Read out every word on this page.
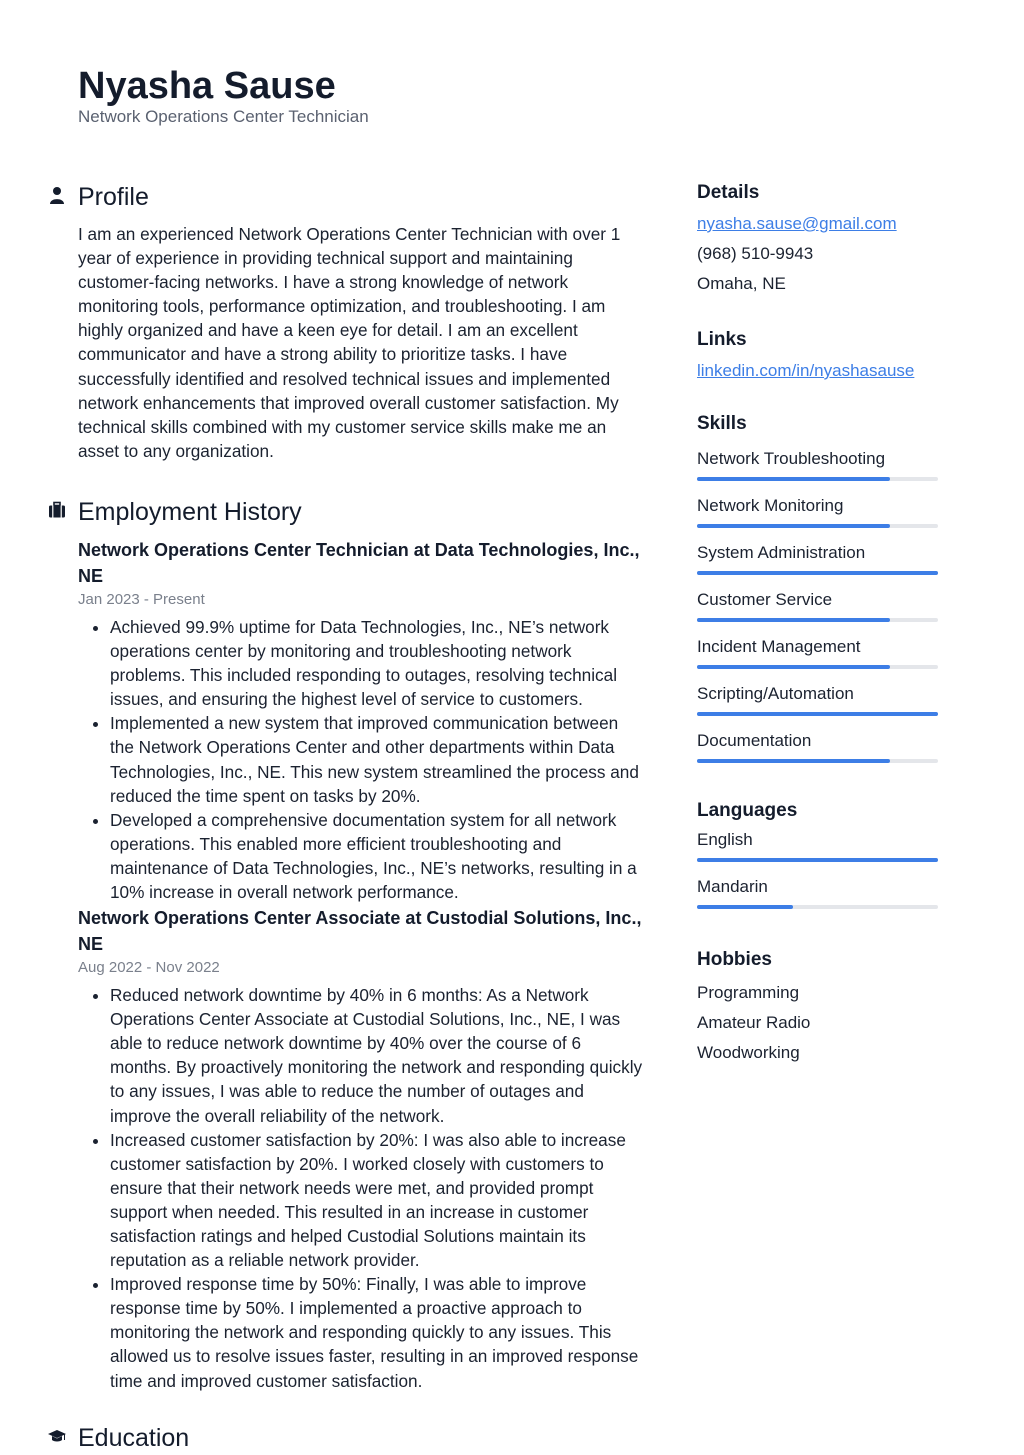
Nyasha Sause
Network Operations Center Technician
Profile

I am an experienced Network Operations Center Technician with over 1 year of experience in providing technical support and maintaining customer-facing networks. I have a strong knowledge of network monitoring tools, performance optimization, and troubleshooting. I am highly organized and have a keen eye for detail. I am an excellent communicator and have a strong ability to prioritize tasks. I have successfully identified and resolved technical issues and implemented network enhancements that improved overall customer satisfaction. My technical skills combined with my customer service skills make me an asset to any organization.

Employment History

Network Operations Center Technician at Data Technologies, Inc., NE

Jan 2023 - Present

• Achieved 99.9% uptime for Data Technologies, Inc., NE’s network operations center by monitoring and troubleshooting network problems. This included responding to outages, resolving technical issues, and ensuring the highest level of service to customers.
• Implemented a new system that improved communication between the Network Operations Center and other departments within Data Technologies, Inc., NE. This new system streamlined the process and reduced the time spent on tasks by 20%.
• Developed a comprehensive documentation system for all network operations. This enabled more efficient troubleshooting and maintenance of Data Technologies, Inc., NE’s networks, resulting in a 10% increase in overall network performance.

Network Operations Center Associate at Custodial Solutions, Inc., NE

Aug 2022 - Nov 2022

• Reduced network downtime by 40% in 6 months: As a Network Operations Center Associate at Custodial Solutions, Inc., NE, I was able to reduce network downtime by 40% over the course of 6 months. By proactively monitoring the network and responding quickly to any issues, I was able to reduce the number of outages and improve the overall reliability of the network.
• Increased customer satisfaction by 20%: I was also able to increase customer satisfaction by 20%. I worked closely with customers to ensure that their network needs were met, and provided prompt support when needed. This resulted in an increase in customer satisfaction ratings and helped Custodial Solutions maintain its reputation as a reliable network provider.
• Improved response time by 50%: Finally, I was able to improve response time by 50%. I implemented a proactive approach to monitoring the network and responding quickly to any issues. This allowed us to resolve issues faster, resulting in an improved response time and improved customer satisfaction.
Education

Details

nyasha.sause@gmail.com

(968) 510-9943

Omaha, NE

Links

linkedin.com/in/nyashasause

Skills

Network Troubleshooting
Network Monitoring
System Administration
Customer Service
Incident Management
Scripting/Automation
Documentation

Languages

English
Mandarin

Hobbies

Programming

Amateur Radio

Woodworking
